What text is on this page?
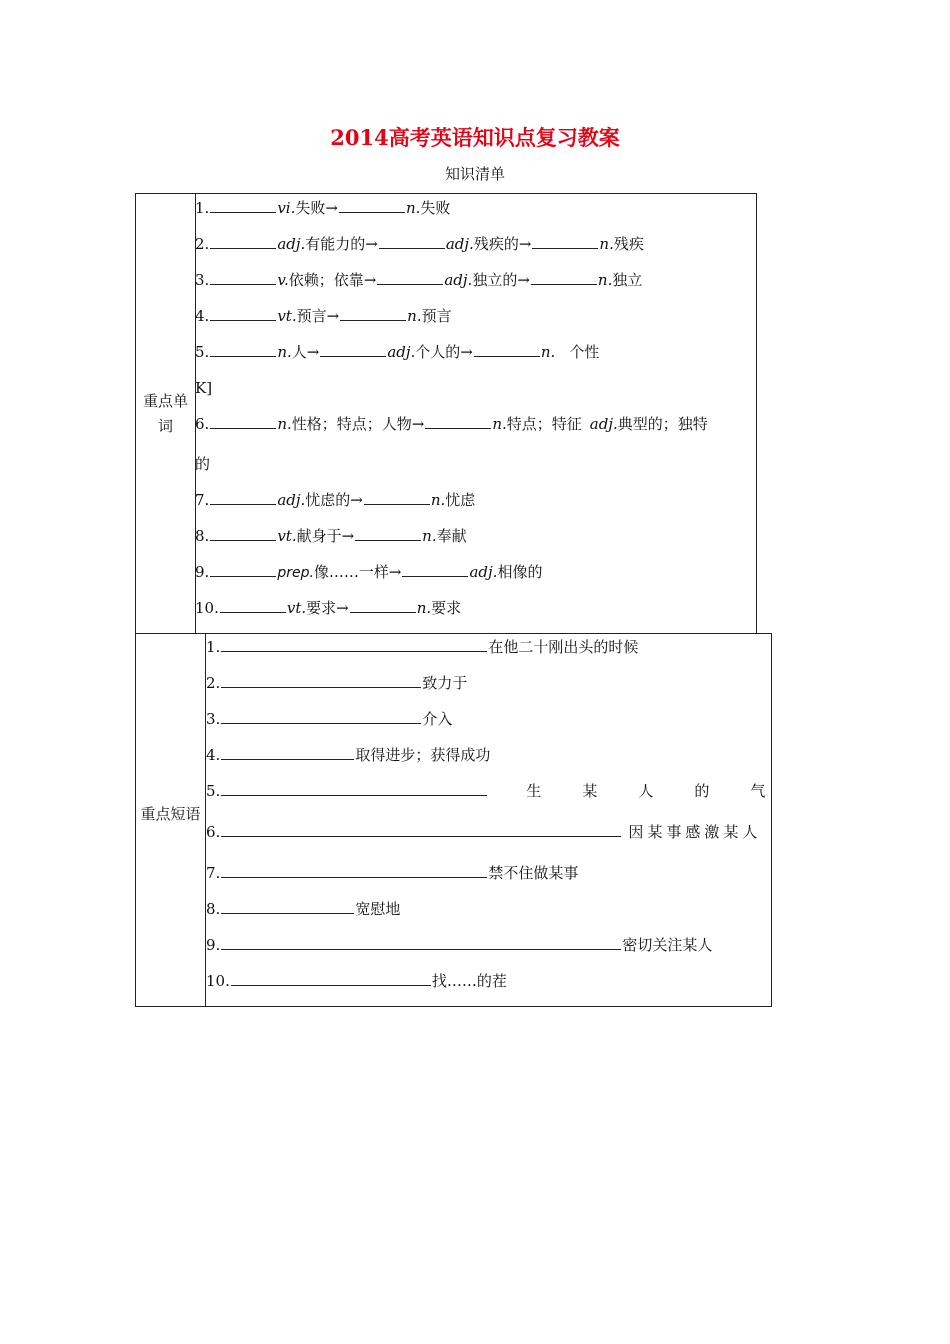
2014高考英语知识点复习教案
知识清单
重点单词
1.	vi.失败→	n.失败
2.	adj.有能力的→	adj.残疾的→	n.残疾
3.	v.依赖；依靠→	adj.独立的→	n.独立
4.	vt.预言→	n.预言
5.	n.人→	adj.个人的→	n. 个性
K]
6.	n.性格；特点；人物→	n.特点；特征 adj.典型的；独特
的
7.	adj.忧虑的→	n.忧虑
8.	vt.献身于→	n.奉献
9.	prep.像……一样→	adj.相像的
10.	vt.要求→	n.要求
重点短语
1.	在他二十刚出头的时候
2.	致力于
3.	介入
4.	取得进步；获得成功
5.	生某人的气
6.	因某事感激某人
7.	禁不住做某事
8.	宽慰地
9.	密切关注某人
10.	找……的茬
